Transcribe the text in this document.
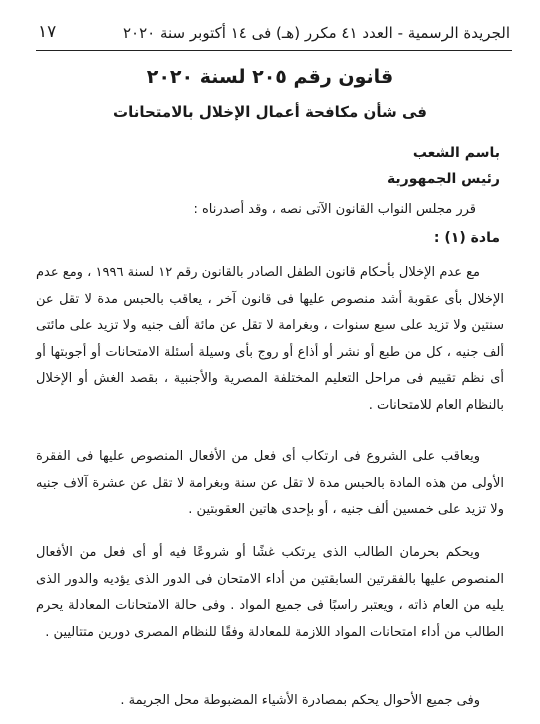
الجريدة الرسمية - العدد ٤١ مكرر (هـ) فى ١٤ أكتوبر سنة ٢٠٢٠
١٧
قانون رقم ٢٠٥ لسنة ٢٠٢٠
فى شأن مكافحة أعمال الإخلال بالامتحانات
باسم الشعب
رئيس الجمهورية
قرر مجلس النواب القانون الآتى نصه ، وقد أصدرناه :
مادة (١) :
مع عدم الإخلال بأحكام قانون الطفل الصادر بالقانون رقم ١٢ لسنة ١٩٩٦ ، ومع عدم الإخلال بأى عقوبة أشد منصوص عليها فى قانون آخر ، يعاقب بالحبس مدة لا تقل عن سنتين ولا تزيد على سبع سنوات ، وبغرامة لا تقل عن مائة ألف جنيه ولا تزيد على مائتى ألف جنيه ، كل من طبع أو نشر أو أذاع أو روج بأى وسيلة أسئلة الامتحانات أو أجوبتها أو أى نظم تقييم فى مراحل التعليم المختلفة المصرية والأجنبية ، بقصد الغش أو الإخلال بالنظام العام للامتحانات .
ويعاقب على الشروع فى ارتكاب أى فعل من الأفعال المنصوص عليها فى الفقرة الأولى من هذه المادة بالحبس مدة لا تقل عن سنة وبغرامة لا تقل عن عشرة آلاف جنيه ولا تزيد على خمسين ألف جنيه ، أو بإحدى هاتين العقوبتين .
ويحكم بحرمان الطالب الذى يرتكب غشًا أو شروعًا فيه أو أى فعل من الأفعال المنصوص عليها بالفقرتين السابقتين من أداء الامتحان فى الدور الذى يؤديه والدور الذى يليه من العام ذاته ، ويعتبر راسبًا فى جميع المواد . وفى حالة الامتحانات المعادلة يحرم الطالب من أداء امتحانات المواد اللازمة للمعادلة وفقًا للنظام المصرى دورين متتاليين .
وفى جميع الأحوال يحكم بمصادرة الأشياء المضبوطة محل الجريمة .
